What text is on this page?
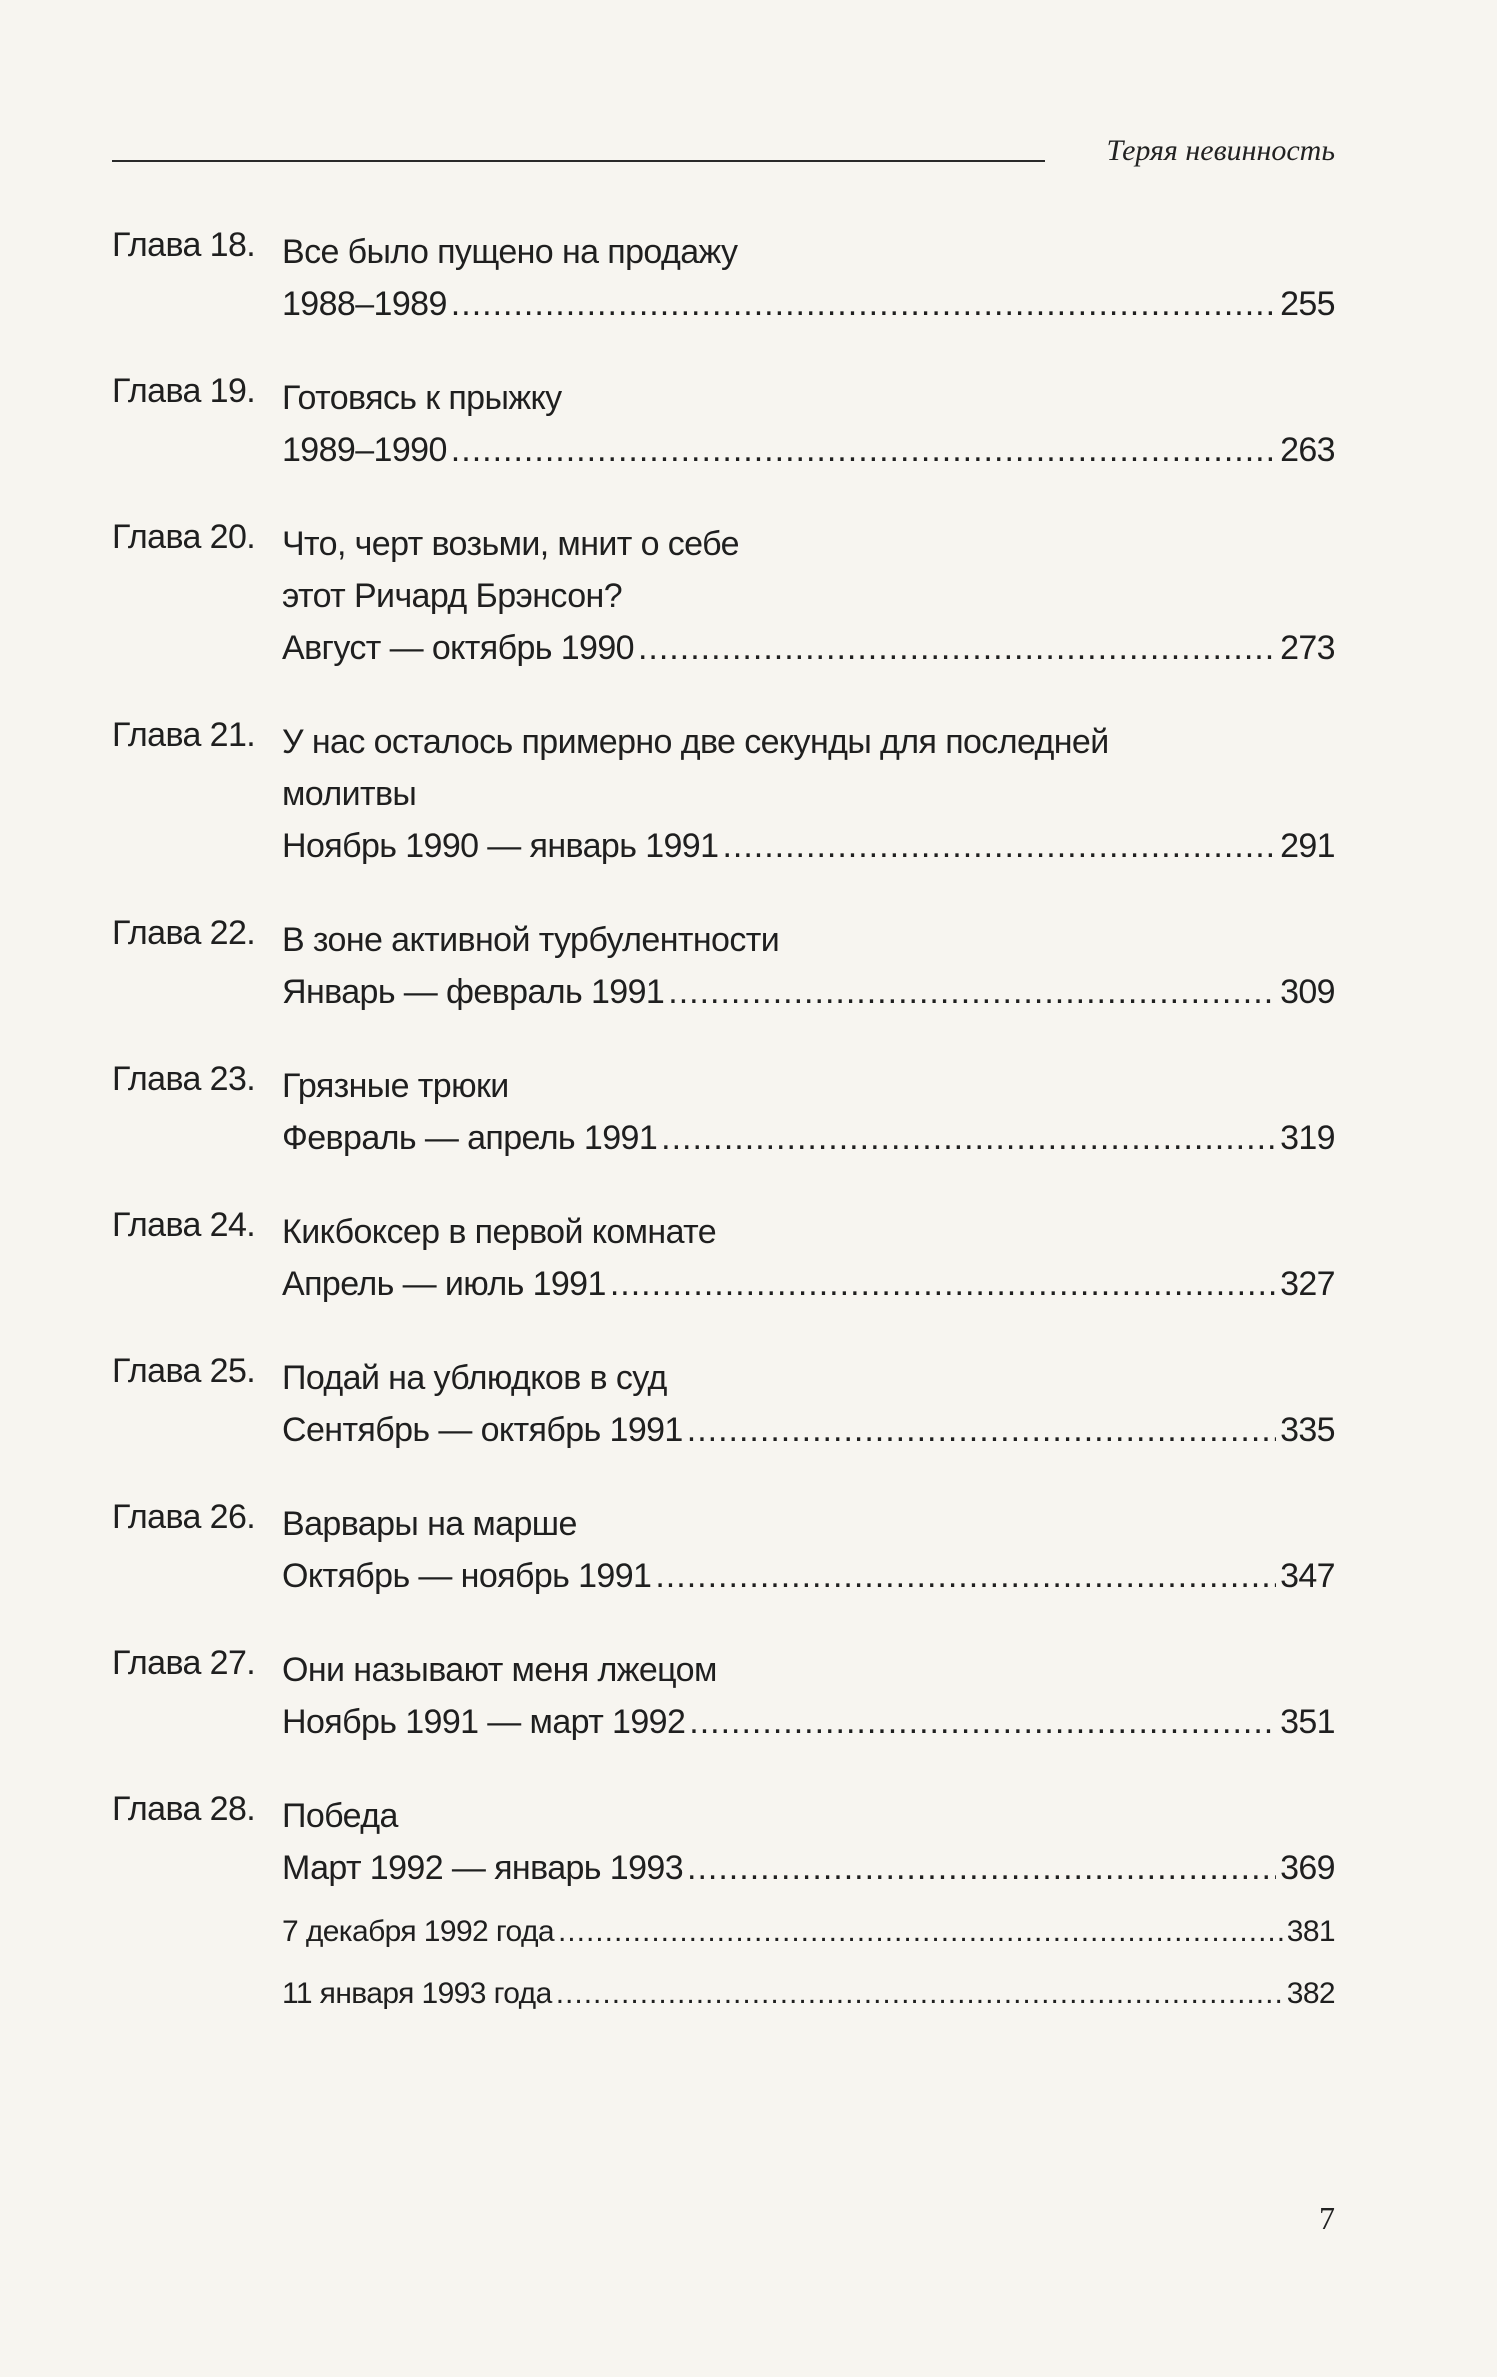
Теряя невинность
Глава 18. Все было пущено на продажу
1988–1989 .....	255
Глава 19. Готовясь к прыжку
1989–1990 .....	263
Глава 20. Что, черт возьми, мнит о себе
этот Ричард Брэнсон?
Август — октябрь 1990 .....	273
Глава 21. У нас осталось примерно две секунды для последней
молитвы
Ноябрь 1990 — январь 1991 .....	291
Глава 22. В зоне активной турбулентности
Январь — февраль 1991 .....	309
Глава 23. Грязные трюки
Февраль — апрель 1991 .....	319
Глава 24. Кикбоксер в первой комнате
Апрель — июль 1991 .....	327
Глава 25. Подай на ублюдков в суд
Сентябрь — октябрь 1991 .....	335
Глава 26. Варвары на марше
Октябрь — ноябрь 1991 .....	347
Глава 27. Они называют меня лжецом
Ноябрь 1991 — март 1992 .....	351
Глава 28. Победа
Март 1992 — январь 1993 .....	369
7 декабря 1992 года .....	381
11 января 1993 года .....	382
7
